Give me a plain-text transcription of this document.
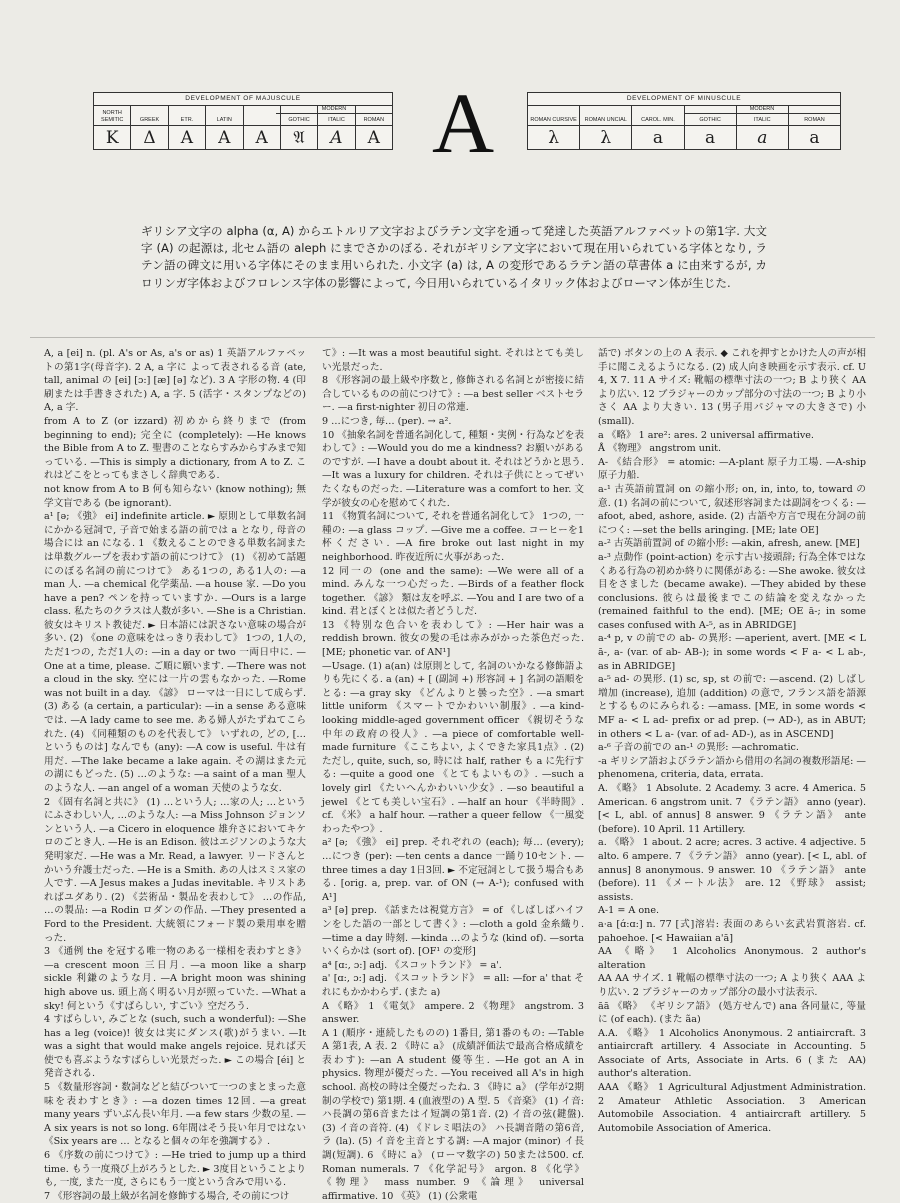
DEVELOPMENT OF MAJUSCULE
MODERN
NORTH SEMITIC
K
GREEK
Δ
ETR.
A
LATIN
A	A
GOTHIC
𝔄
ITALIC
A
ROMAN
A A	DEVELOPMENT OF MINUSCULE
MODERN
ROMAN CURSIVE
λ
ROMAN UNCIAL
λ
CAROL. MIN.
a
GOTHIC
a
ITALIC
a
ROMAN
a

ギリシア文字の alpha (α, A) からエトルリア文字およびラテン文字を通って発達した英語アルファベットの第1字. 大文字 (A) の起源は, 北セム語の aleph にまでさかのぼる. それがギリシア文字において現在用いられている字体となり, ラテン語の碑文に用いる字体にそのまま用いられた. 小文字 (a) は, A の変形であるラテン語の草書体 a に由来するが, カロリンガ字体およびフロレンス字体の影響によって, 今日用いられているイタリック体およびローマン体が生じた.

A, a [ei] n. (pl. A's or As, a's or as) 1 英語アルファベットの第1字(母音字). 2 A, a 字に よって表されるる音 (ate, tall, animal の [ei] [ɔ:] [æ] [ə] など). 3 A 字形の物. 4 (印刷または手書きされた) A, a 字. 5 (活字・スタンプなどの) A, a 字.

from A to Z (or izzard) 初めから終りまで (from beginning to end); 完全に (completely): —He knows the Bible from A to Z. 聖書のことならすみからすみまで知っている. —This is simply a dictionary, from A to Z. これはどこをとってもまさしく辞典である.

not know from A to B 何も知らない (know nothing); 無学文盲である (be ignorant).

a¹ [ə; 《強》 ei] indefinite article. ► 原則として単数名詞にかかる冠詞で, 子音で始まる語の前では a となり, 母音の場合には an になる. 1 《数えることのできる単数名詞または単数グループを表わす語の前につけて》 (1) 《初めて話題にのぼる名詞の前につけて》 ある1つの, ある1人の: —a man 人. —a chemical 化学薬品. —a house 家. —Do you have a pen? ペンを持っていますか. —Ours is a large class. 私たちのクラスは人数が多い. —She is a Christian. 彼女はキリスト教徒だ. ► 日本語には訳さない意味の場合が多い. (2) 《one の意味をはっきり表わして》 1つの, 1人の, ただ1つの, ただ1人の: —in a day or two 一両日中に. —One at a time, please. ご順に願います. —There was not a cloud in the sky. 空には一片の雲もなかった. —Rome was not built in a day. 《諺》 ローマは一日にして成らず. (3) ある (a certain, a particular): —in a sense ある意味では. —A lady came to see me. ある婦人がたずねてこられた. (4) 《同種類のものを代表して》 いずれの, どの, [… というものは] なんでも (any): —A cow is useful. 牛は有用だ. —The lake became a lake again. その湖はまた元の湖にもどった. (5) …のような: —a saint of a man 聖人のような人. —an angel of a woman 天使のような女.

2 《固有名詞と共に》 (1) …という人; …家の人; …というにふさわしい人, …のような人: —a Miss Johnson ジョンソンという人. —a Cicero in eloquence 雄弁さにおいてキケロのごとき人. —He is an Edison. 彼はエジソンのような大発明家だ. —He was a Mr. Read, a lawyer. リードさんとかいう弁護士だった. —He is a Smith. あの人はスミス家の人です. —A Jesus makes a Judas inevitable. キリストあればユダあり. (2) 《芸術品・製品を表わして》 …の作品, …の製品: —a Rodin ロダンの作品. —They presented a Ford to the President. 大統領にフォード製の乗用車を贈った.

3 《通例 the を冠する唯一物のある一様相を表わすとき》 —a crescent moon 三日月. —a moon like a sharp sickle 利鎌のような月. —A bright moon was shining high above us. 頭上高く明るい月が照っていた. —What a sky! 何という《すばらしい, すごい》空だろう.

4 すばらしい, みごとな (such, such a wonderful): —She has a leg (voice)! 彼女は実にダンス(歌)がうまい. —It was a sight that would make angels rejoice. 見れば天使でも喜ぶようなすばらしい光景だった. ► この場合 [éi] と発音される.

5 《数量形容詞・数詞などと結びついて一つのまとまった意味を表わすとき》: —a dozen times 12回. —a great many years ずいぶん長い年月. —a few stars 少数の星. —A six years is not so long. 6年間はそう長い年月ではない《Six years are … となると個々の年を強調する》.

6 《序数の前につけて》: —He tried to jump up a third time. もう一度飛び上がろうとした. ► 3度目ということよりも, 一度, また一度, さらにもう一度という含みで用いる.

7 《形容詞の最上級が名詞を修飾する場合, その前につけ

て》: —It was a most beautiful sight. それはとても美しい光景だった.

8 《形容詞の最上級や序数と, 修飾される名詞とが密接に結合しているものの前につけて》: —a best seller ベストセラー. —a first-nighter 初日の常連.

9 …につき, 毎… (per). → a².

10 《抽象名詞を普通名詞化して, 種類・実例・行為などを表わして》: —Would you do me a kindness? お願いがあるのですが. —I have a doubt about it. それはどうかと思う. —It was a luxury for children. それは子供にとってぜいたくなものだった. —Literature was a comfort to her. 文学が彼女の心を慰めてくれた.

11 《物質名詞について, それを普通名詞化して》 1つの, 一種の: —a glass コップ. —Give me a coffee. コーヒーを1杯ください. —A fire broke out last night in my neighborhood. 昨夜近所に火事があった.

12 同一の (one and the same): —We were all of a mind. みんな一つ心だった. —Birds of a feather flock together. 《諺》 類は友を呼ぶ. —You and I are two of a kind. 君とぼくとは似た者どうしだ.

13 《特別な色合いを表わして》: —Her hair was a reddish brown. 彼女の髪の毛は赤みがかった茶色だった. [ME; phonetic var. of AN¹]

—Usage. (1) a(an) は原則として, 名詞のいかなる修飾語よりも先にくる. a (an) + [ (副詞 +) 形容詞 + ] 名詞の語順をとる: —a gray sky 《どんよりと曇った空》. —a smart little uniform 《スマートでかわいい制服》. —a kind-looking middle-aged government officer 《親切そうな中年の政府の役人》. —a piece of comfortable well-made furniture 《ここちよい, よくできた家具1点》. (2) ただし, quite, such, so, 時には half, rather も a に先行する: —quite a good one 《とてもよいもの》. —such a lovely girl 《たいへんかわいい少女》. —so beautiful a jewel 《とても美しい宝石》. —half an hour 《半時間》. cf. 《米》 a half hour. —rather a queer fellow 《一風変わったやつ》.

a² [ə; 《強》 ei] prep. それぞれの (each); 毎… (every); …につき (per): —ten cents a dance 一踊り10セント. —three times a day 1日3回. ► 不定冠詞として扱う場合もある. [orig. a, prep. var. of ON (→ A-¹); confused with A¹]

a³ [ə] prep. 《話または視覚方言》 = of 《しばしばハイフンをした語の一部として書く》: —cloth a gold 金糸織り. —time a day 時刻. —kinda …のような (kind of). —sorta いくらかは (sort of). [OF¹ の変形]

a⁴ [ɑ:, ɔ:] adj. 《スコットランド》 = a'.

a' [ɑ:, ɔ:] adj. 《スコットランド》 = all: —for a' that それにもかかわらず. (また a)

A 《略》 1 《電気》 ampere. 2 《物理》 angstrom. 3 answer.

A 1 (順序・連続したものの) 1番目, 第1番のもの: —Table A 第1表, A 表. 2 《時に a》 (成績評価法で最高合格成績を表わす): —an A student 優等生. —He got an A in physics. 物理が優だった. —You received all A's in high school. 高校の時は全優だったね. 3 《時に a》 (学年が2期制の学校で) 第1期. 4 (血液型の) A 型. 5 《音楽》 (1) イ音: ハ長調の第6音またはイ短調の第1音. (2) イ音の弦(鍵盤). (3) イ音の音符. (4) 《ドレミ唱法の》 ハ長調音階の第6音, ラ (la). (5) イ音を主音とする調: —A major (minor) イ長調(短調). 6 《時に a》 (ローマ数字の) 50または500. cf. Roman numerals. 7 《化学記号》 argon. 8 《化学》 《物理》 mass number. 9 《論理》 universal affirmative. 10 《英》 (1) (公衆電

話で) ボタンの上の A 表示. ◆ これを押すとかけた人の声が相手に聞こえるようになる. (2) 成人向き映画を示す表示. cf. U 4, X 7. 11 A サイズ: 靴幅の標準寸法の一つ; B より狭く AA より広い. 12 ブラジャーのカップ部分の寸法の一つ; B より小さく AA より大きい. 13 (男子用パジャマの大きさで) 小 (small).

a 《略》 1 are²: ares. 2 universal affirmative.

Å 《物理》 angstrom unit.

A- 《結合形》 = atomic: —A-plant 原子力工場. —A-ship 原子力船.

a-¹ 古英語前置詞 on の縮小形; on, in, into, to, toward の意. (1) 名詞の前について, 叙述形容詞または副詞をつくる: —afoot, abed, ashore, aside. (2) 古語や方言で現在分詞の前につく: —set the bells aringing. [ME; late OE]

a-² 古英語前置詞 of の縮小形: —akin, afresh, anew. [ME]

a-³ 点動作 (point-action) を示す古い接頭辞; 行為全体ではなくある行為の初めか終りに関係がある: —She awoke. 彼女は目をさました (became awake). —They abided by these conclusions. 彼らは最後までこの結論を変えなかった (remained faithful to the end). [ME; OE ā-; in some cases confused with A-⁵, as in ABRIDGE]

a-⁴ p, v の前での ab- の異形: —aperient, avert. [ME < L ā-, a- (var. of ab- AB-); in some words < F a- < L ab-, as in ABRIDGE]

a-⁵ ad- の異形. (1) sc, sp, st の前で: —ascend. (2) しばし増加 (increase), 追加 (addition) の意で, フランス語を語源とするものにみられる: —amass. [ME, in some words < MF a- < L ad- prefix or ad prep. (→ AD-), as in ABUT; in others < L a- (var. of ad- AD-), as in ASCEND]

a-⁶ 子音の前での an-¹ の異形: —achromatic.

-a ギリシア語およびラテン語から借用の名詞の複数形語尾: —phenomena, criteria, data, errata.

A. 《略》 1 Absolute. 2 Academy. 3 acre. 4 America. 5 American. 6 angstrom unit. 7 《ラテン語》 anno (year). [< L, abl. of annus] 8 answer. 9 《ラテン語》 ante (before). 10 April. 11 Artillery.

a. 《略》 1 about. 2 acre; acres. 3 active. 4 adjective. 5 alto. 6 ampere. 7 《ラテン語》 anno (year). [< L, abl. of annus] 8 anonymous. 9 answer. 10 《ラテン語》 ante (before). 11 《メートル法》 are. 12 《野球》 assist; assists.

A-1 = A one.

a·a [ɑ́:ɑ:] n. 77 [式]溶岩: 表面のあらい玄武岩質溶岩. cf. pahoehoe. [< Hawaiian a'ā]

AA 《略》 1 Alcoholics Anonymous. 2 author's alteration

AA AA サイズ. 1 靴幅の標準寸法の一つ; A より狭く AAA より広い. 2 ブラジャーのカップ部分の最小寸法表示.

āā 《略》 《ギリシア語》 (処方せんで) ana 各同量に, 等量に (of each). (また ãa)

A.A. 《略》 1 Alcoholics Anonymous. 2 antiaircraft. 3 antiaircraft artillery. 4 Associate in Accounting. 5 Associate of Arts, Associate in Arts. 6 (また AA) author's alteration.

AAA 《略》 1 Agricultural Adjustment Administration. 2 Amateur Athletic Association. 3 American Automobile Association. 4 antiaircraft artillery. 5 Automobile Association of America.
